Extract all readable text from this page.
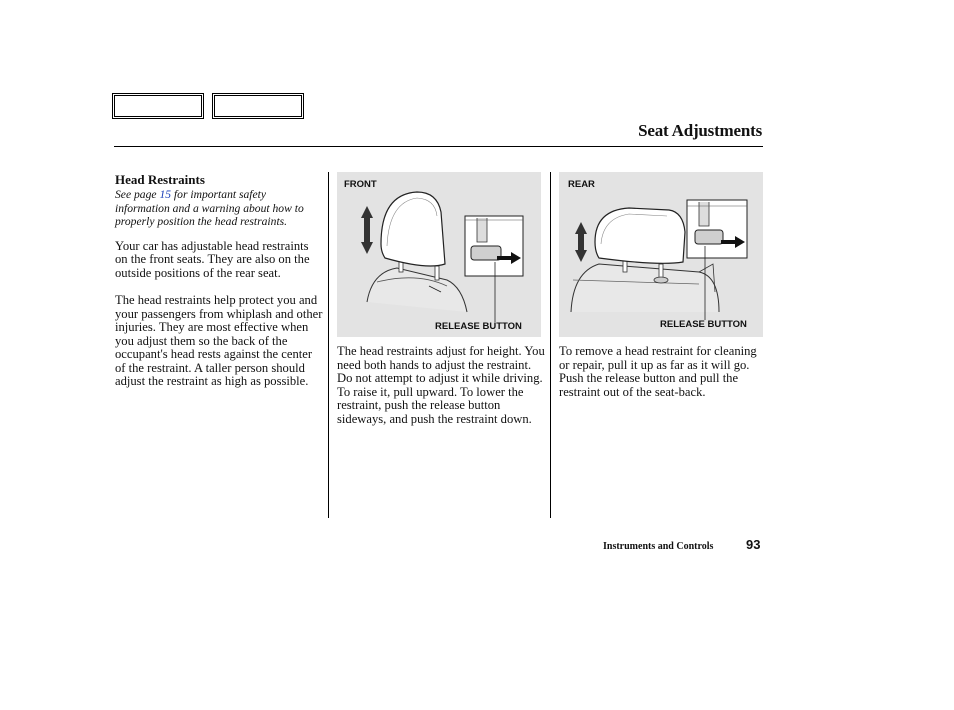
Seat Adjustments
Head Restraints

See page 15 for important safety information and a warning about how to properly position the head restraints.

Your car has adjustable head restraints on the front seats. They are also on the outside positions of the rear seat.

The head restraints help protect you and your passengers from whiplash and other injuries. They are most effective when you adjust them so the back of the occupant's head rests against the center of the restraint. A taller person should adjust the restraint as high as possible.

FRONT
RELEASE BUTTON

The head restraints adjust for height. You need both hands to adjust the restraint. Do not attempt to adjust it while driving. To raise it, pull upward. To lower the restraint, push the release button sideways, and push the restraint down.

REAR
RELEASE BUTTON

To remove a head restraint for cleaning or repair, pull it up as far as it will go. Push the release button and pull the restraint out of the seat-back.

Instruments and Controls	93
